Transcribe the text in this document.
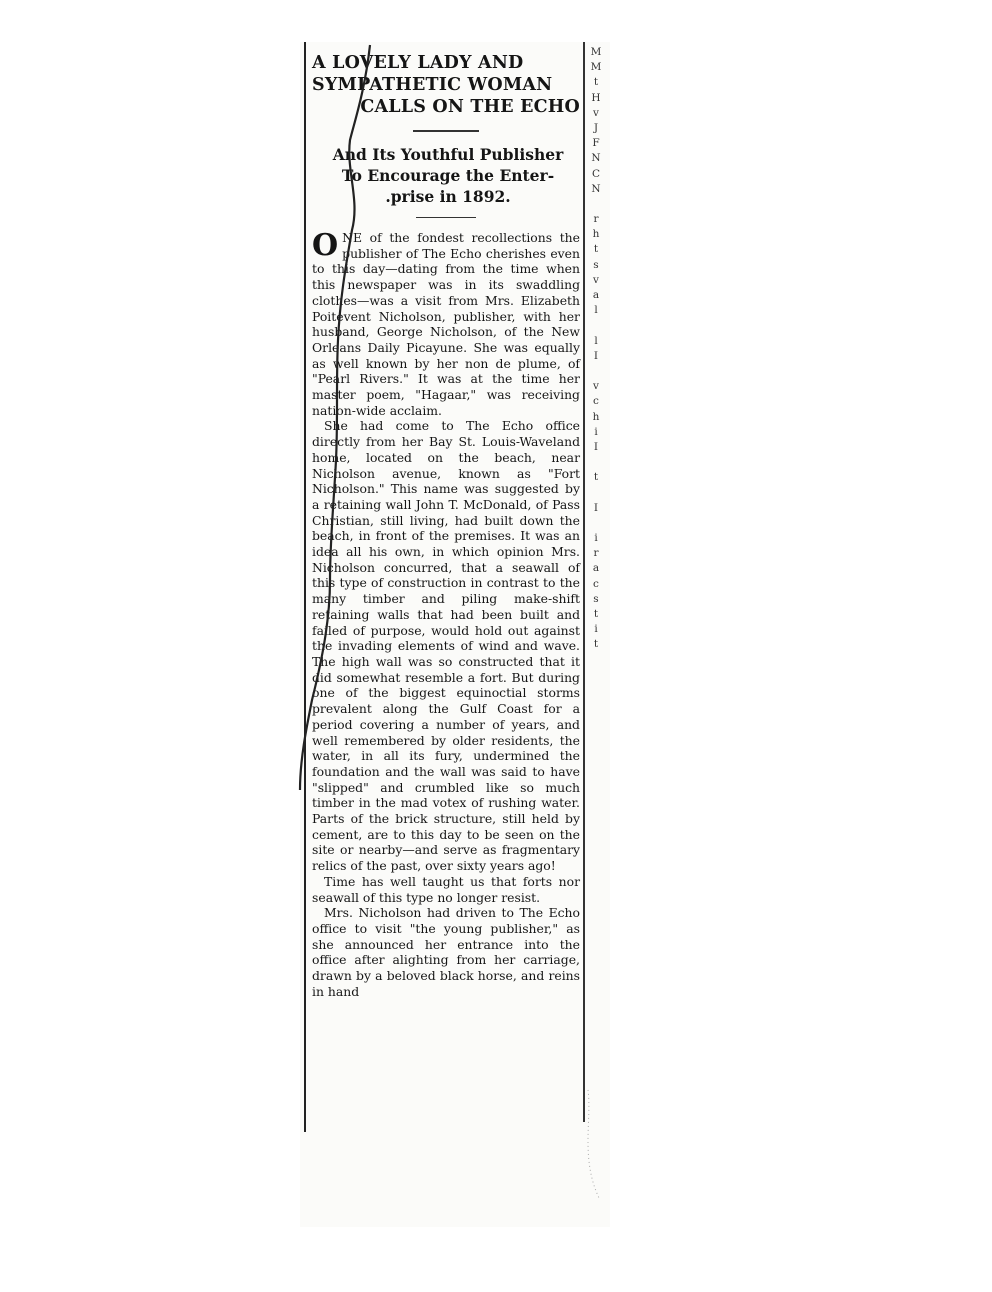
A LOVELY LADY AND
SYMPATHETIC WOMAN
CALLS ON THE ECHO
And Its Youthful Publisher
To Encourage the Enter-
.prise in 1892.

ONE of the fondest recollections the publisher of The Echo cherishes even to this day—dating from the time when this newspaper was in its swaddling clothes—was a visit from Mrs. Elizabeth Poitevent Nicholson, publisher, with her husband, George Nicholson, of the New Orleans Daily Picayune. She was equally as well known by her non de plume, of "Pearl Rivers." It was at the time her master poem, "Hagaar," was receiving nation-wide acclaim.

She had come to The Echo office directly from her Bay St. Louis-Waveland home, located on the beach, near Nicholson avenue, known as "Fort Nicholson." This name was suggested by a retaining wall John T. McDonald, of Pass Christian, still living, had built down the beach, in front of the premises. It was an idea all his own, in which opinion Mrs. Nicholson concurred, that a seawall of this type of construction in contrast to the many timber and piling make-shift retaining walls that had been built and failed of purpose, would hold out against the invading elements of wind and wave. The high wall was so constructed that it did somewhat resemble a fort. But during one of the biggest equinoctial storms prevalent along the Gulf Coast for a period covering a number of years, and well remembered by older residents, the water, in all its fury, undermined the foundation and the wall was said to have "slipped" and crumbled like so much timber in the mad votex of rushing water. Parts of the brick structure, still held by cement, are to this day to be seen on the site or nearby—and serve as fragmentary relics of the past, over sixty years ago!

Time has well taught us that forts nor seawall of this type no longer resist.

Mrs. Nicholson had driven to The Echo office to visit "the young publisher," as she announced her entrance into the office after alighting from her carriage, drawn by a beloved black horse, and reins in hand

M
M
t
H
v
J
F
N
C
N
r
h
t
s
v
a
l
l
I
v
c
h
i
I
t
I
i
r
a
c
s
t
i
t
